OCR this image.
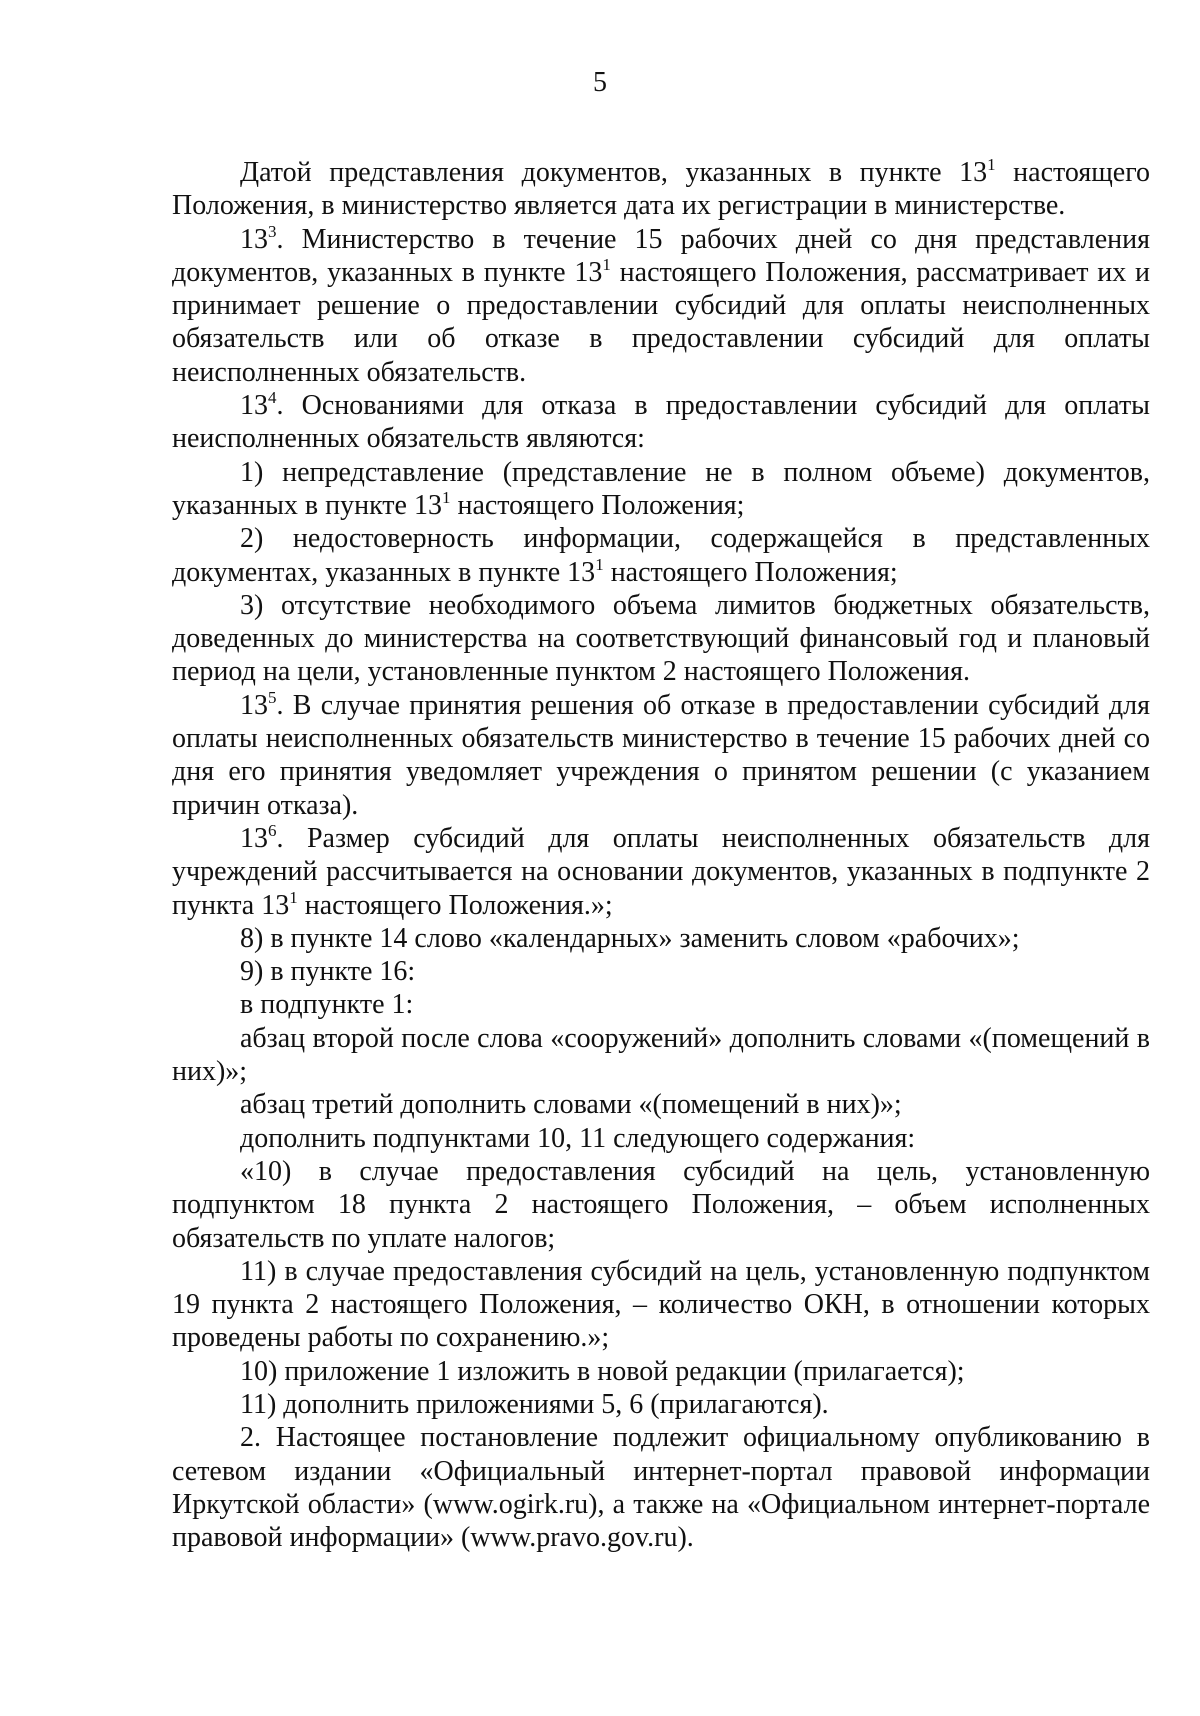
5

Датой представления документов, указанных в пункте $13^1$ настоящего Положения, в министерство является дата их регистрации в министерстве.

$13^3$. Министерство в течение 15 рабочих дней со дня представления документов, указанных в пункте $13^1$ настоящего Положения, рассматривает их и принимает решение о предоставлении субсидий для оплаты неисполненных обязательств или об отказе в предоставлении субсидий для оплаты неисполненных обязательств.

$13^4$. Основаниями для отказа в предоставлении субсидий для оплаты неисполненных обязательств являются:

1) непредставление (представление не в полном объеме) документов, указанных в пункте $13^1$ настоящего Положения;

2) недостоверность информации, содержащейся в представленных документах, указанных в пункте $13^1$ настоящего Положения;

3) отсутствие необходимого объема лимитов бюджетных обязательств, доведенных до министерства на соответствующий финансовый год и плановый период на цели, установленные пунктом 2 настоящего Положения.

$13^5$. В случае принятия решения об отказе в предоставлении субсидий для оплаты неисполненных обязательств министерство в течение 15 рабочих дней со дня его принятия уведомляет учреждения о принятом решении (с указанием причин отказа).

$13^6$. Размер субсидий для оплаты неисполненных обязательств для учреждений рассчитывается на основании документов, указанных в подпункте 2 пункта $13^1$ настоящего Положения.»;

8) в пункте 14 слово «календарных» заменить словом «рабочих»;

9) в пункте 16:

в подпункте 1:

абзац второй после слова «сооружений» дополнить словами «(помещений в них)»;

абзац третий дополнить словами «(помещений в них)»;

дополнить подпунктами 10, 11 следующего содержания:

«10) в случае предоставления субсидий на цель, установленную подпунктом 18 пункта 2 настоящего Положения, – объем исполненных обязательств по уплате налогов;

11) в случае предоставления субсидий на цель, установленную подпунктом 19 пункта 2 настоящего Положения, – количество ОКН, в отношении которых проведены работы по сохранению.»;

10) приложение 1 изложить в новой редакции (прилагается);

11) дополнить приложениями 5, 6 (прилагаются).

2. Настоящее постановление подлежит официальному опубликованию в сетевом издании «Официальный интернет-портал правовой информации Иркутской области» (www.ogirk.ru), а также на «Официальном интернет-портале правовой информации» (www.pravo.gov.ru).
